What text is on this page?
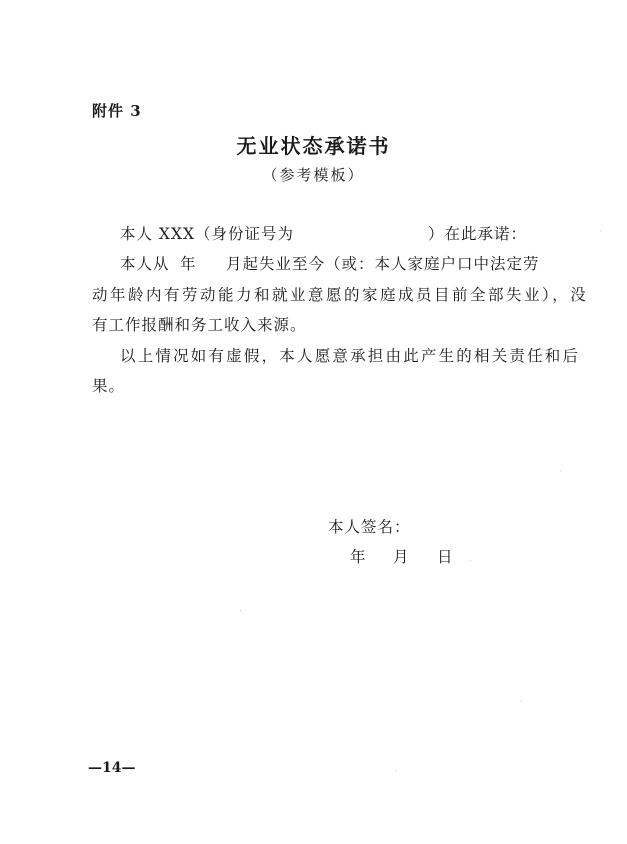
附件 3
无业状态承诺书
（参考模板）
本人 XXX（身份证号为	）在此承诺：
本人从 年 月起失业至今（或：本人家庭户口中法定劳
动年龄内有劳动能力和就业意愿的家庭成员目前全部失业），没
有工作报酬和务工收入来源。
以上情况如有虚假，本人愿意承担由此产生的相关责任和后
果。
本人签名：
年 月 日
—14—
